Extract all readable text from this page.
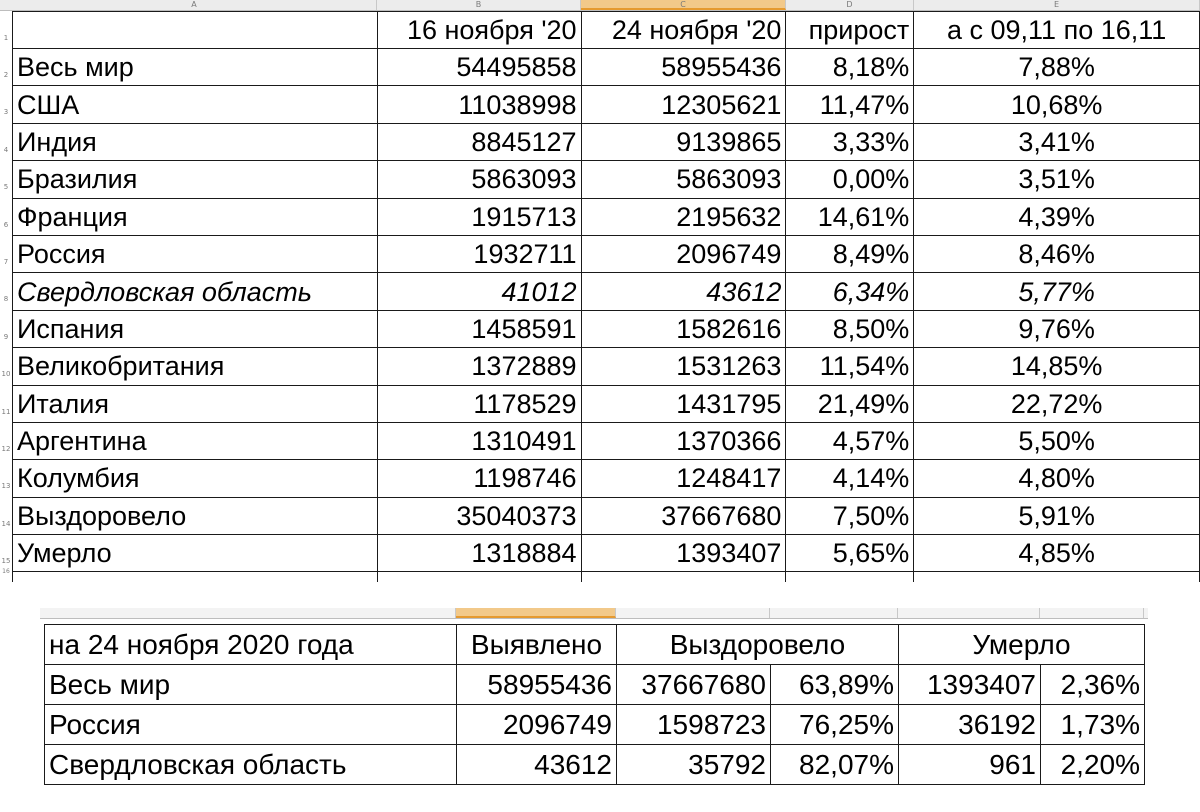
A	B	C	D	E
1
		16 ноября '20	24 ноября '20	прирост	а с 09,11 по 16,11
Весь мир	54495858	58955436	8,18%	7,88%
США	11038998	12305621	11,47%	10,68%
Индия	8845127	9139865	3,33%	3,41%
Бразилия	5863093	5863093	0,00%	3,51%
Франция	1915713	2195632	14,61%	4,39%
Россия	1932711	2096749	8,49%	8,46%
Свердловская область	41012	43612	6,34%	5,77%
Испания	1458591	1582616	8,50%	9,76%
Великобритания	1372889	1531263	11,54%	14,85%
Италия	1178529	1431795	21,49%	22,72%
Аргентина	1310491	1370366	4,57%	5,50%
Колумбия	1198746	1248417	4,14%	4,80%
Выздоровело	35040373	37667680	7,50%	5,91%
Умерло	1318884	1393407	5,65%	4,85%

16
2
3
4
5
6
7
8
9
10
11
12
13
14
15
на 24 ноября 2020 года	Выявлено	Выздоровело		Умерло	
Весь мир	58955436	37667680	63,89%	1393407	2,36%
Россия	2096749	1598723	76,25%	36192	1,73%
Свердловская область	43612	35792	82,07%	961	2,20%
